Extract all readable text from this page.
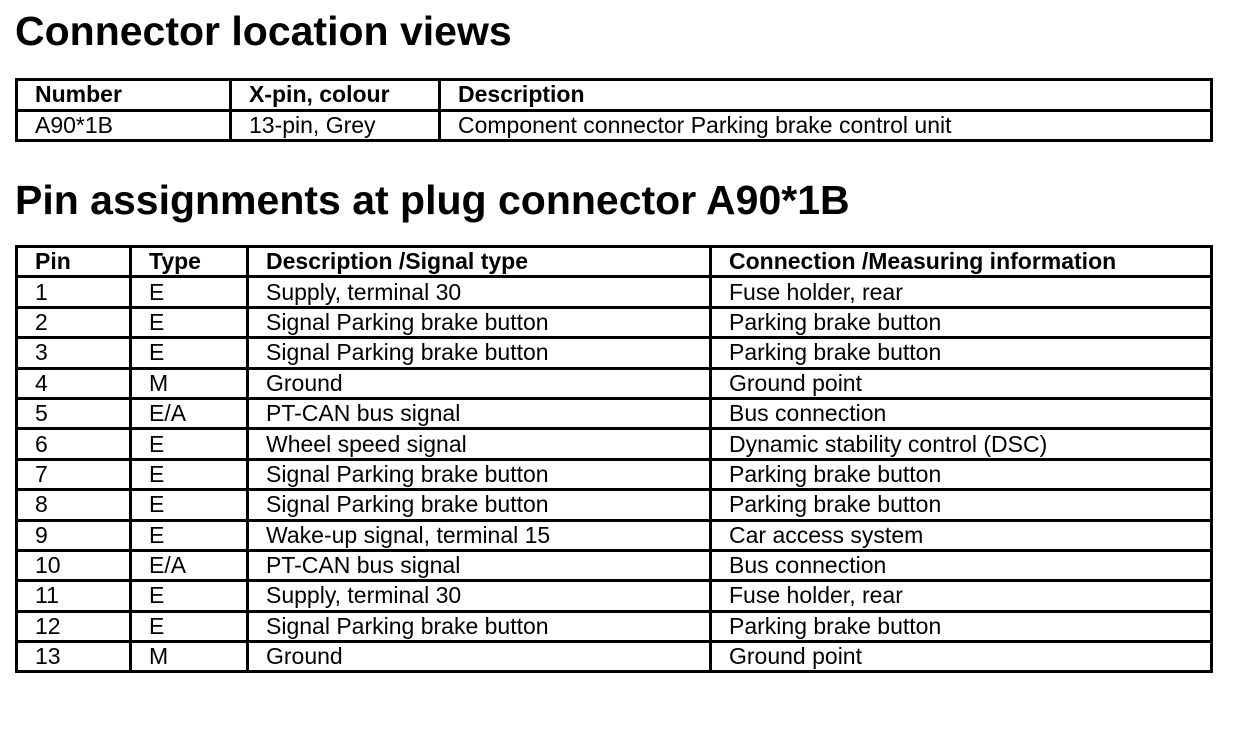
Connector location views
Number	X-pin, colour	Description
A90*1B	13-pin, Grey	Component connector Parking brake control unit
Pin assignments at plug connector A90*1B
Pin	Type	Description /Signal type	Connection /Measuring information
1	E	Supply, terminal 30	Fuse holder, rear
2	E	Signal Parking brake button	Parking brake button
3	E	Signal Parking brake button	Parking brake button
4	M	Ground	Ground point
5	E/A	PT-CAN bus signal	Bus connection
6	E	Wheel speed signal	Dynamic stability control (DSC)
7	E	Signal Parking brake button	Parking brake button
8	E	Signal Parking brake button	Parking brake button
9	E	Wake-up signal, terminal 15	Car access system
10	E/A	PT-CAN bus signal	Bus connection
11	E	Supply, terminal 30	Fuse holder, rear
12	E	Signal Parking brake button	Parking brake button
13	M	Ground	Ground point
